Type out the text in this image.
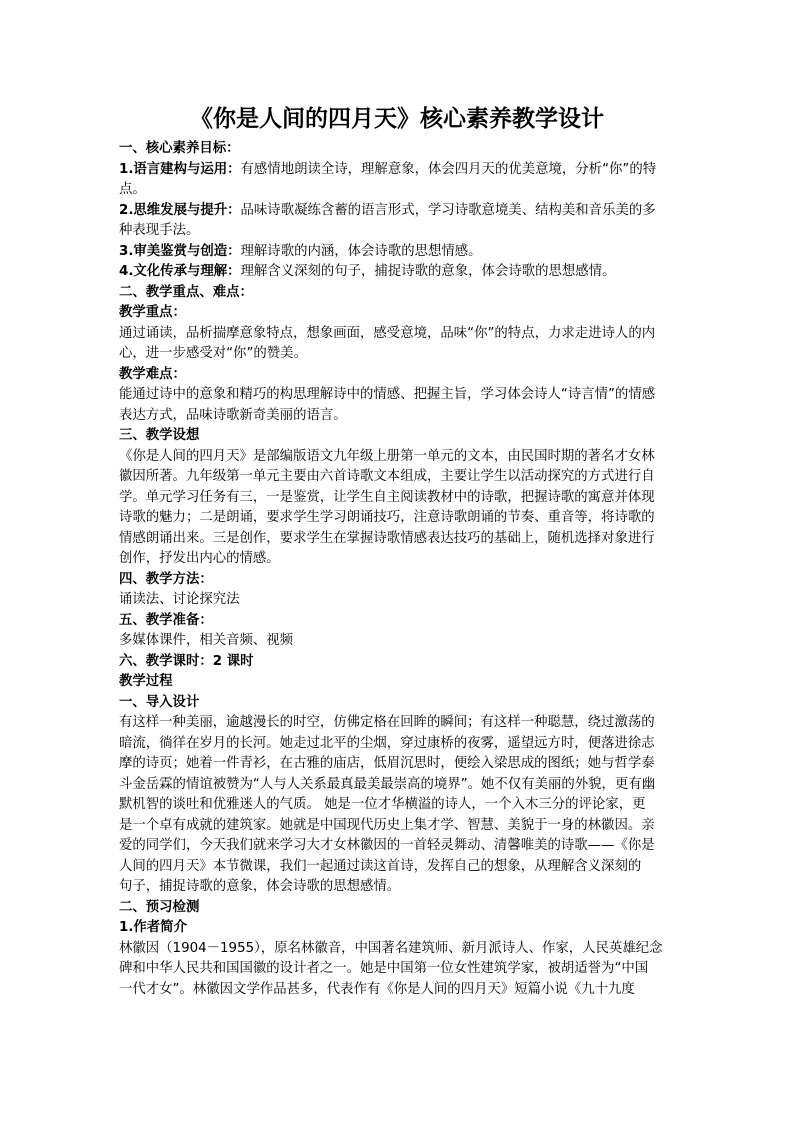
《你是人间的四月天》核心素养教学设计
一、核心素养目标：
1.语言建构与运用：有感情地朗读全诗，理解意象，体会四月天的优美意境，分析“你”的特
点。
2.思维发展与提升：品味诗歌凝练含蓄的语言形式，学习诗歌意境美、结构美和音乐美的多
种表现手法。
3.审美鉴赏与创造：理解诗歌的内涵，体会诗歌的思想情感。
4.文化传承与理解：理解含义深刻的句子，捕捉诗歌的意象，体会诗歌的思想感情。
二、教学重点、难点：
教学重点：
通过诵读，品析揣摩意象特点，想象画面，感受意境，品味“你”的特点，力求走进诗人的内
心，进一步感受对“你”的赞美。
教学难点：
能通过诗中的意象和精巧的构思理解诗中的情感、把握主旨，学习体会诗人“诗言情”的情感
表达方式，品味诗歌新奇美丽的语言。
三、教学设想
《你是人间的四月天》是部编版语文九年级上册第一单元的文本，由民国时期的著名才女林
徽因所著。九年级第一单元主要由六首诗歌文本组成，主要让学生以活动探究的方式进行自
学。单元学习任务有三，一是鉴赏，让学生自主阅读教材中的诗歌，把握诗歌的寓意并体现
诗歌的魅力；二是朗诵，要求学生学习朗诵技巧，注意诗歌朗诵的节奏、重音等，将诗歌的
情感朗诵出来。三是创作，要求学生在掌握诗歌情感表达技巧的基础上，随机选择对象进行
创作，抒发出内心的情感。
四、教学方法：
诵读法、讨论探究法
五、教学准备：
多媒体课件，相关音频、视频
六、教学课时：2 课时
教学过程
一、导入设计
有这样一种美丽，逾越漫长的时空，仿佛定格在回眸的瞬间；有这样一种聪慧，绕过激荡的
暗流，徜徉在岁月的长河。她走过北平的尘烟，穿过康桥的夜雾，遥望远方时，便落进徐志
摩的诗页；她着一件青衫，在古雅的庙店，低眉沉思时，便绘入梁思成的图纸；她与哲学泰
斗金岳霖的情谊被赞为“人与人关系最真最美最崇高的境界”。她不仅有美丽的外貌，更有幽
默机智的谈吐和优雅迷人的气质。 她是一位才华横溢的诗人，一个入木三分的评论家，更
是一个卓有成就的建筑家。她就是中国现代历史上集才学、智慧、美貌于一身的林徽因。亲
爱的同学们，今天我们就来学习大才女林徽因的一首轻灵舞动、清馨唯美的诗歌——《你是
人间的四月天》本节微课，我们一起通过读这首诗，发挥自己的想象，从理解含义深刻的
句子，捕捉诗歌的意象，体会诗歌的思想感情。
二、预习检测
1.作者简介
林徽因（1904－1955），原名林徽音，中国著名建筑师、新月派诗人、作家，人民英雄纪念
碑和中华人民共和国国徽的设计者之一。她是中国第一位女性建筑学家，被胡适誉为“中国
一代才女”。林徽因文学作品甚多，代表作有《你是人间的四月天》短篇小说《九十九度
